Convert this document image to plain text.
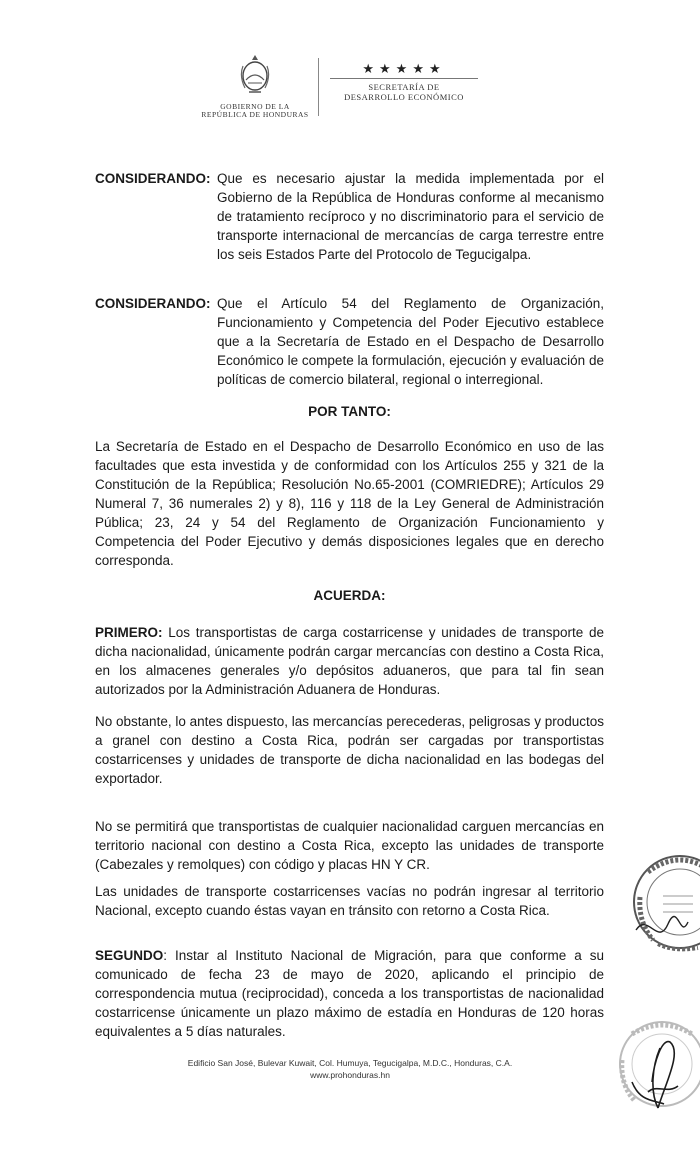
GOBIERNO DE LA
REPÚBLICA DE HONDURAS
★★★★★
SECRETARÍA DE
DESARROLLO ECONÓMICO
CONSIDERANDO: Que es necesario ajustar la medida implementada por el Gobierno de la República de Honduras conforme al mecanismo de tratamiento recíproco y no discriminatorio para el servicio de transporte internacional de mercancías de carga terrestre entre los seis Estados Parte del Protocolo de Tegucigalpa.
CONSIDERANDO: Que el Artículo 54 del Reglamento de Organización, Funcionamiento y Competencia del Poder Ejecutivo establece que a la Secretaría de Estado en el Despacho de Desarrollo Económico le compete la formulación, ejecución y evaluación de políticas de comercio bilateral, regional o interregional.
POR TANTO:
La Secretaría de Estado en el Despacho de Desarrollo Económico en uso de las facultades que esta investida y de conformidad con los Artículos 255 y 321 de la Constitución de la República; Resolución No.65-2001 (COMRIEDRE); Artículos 29 Numeral 7, 36 numerales 2) y 8), 116 y 118 de la Ley General de Administración Pública; 23, 24 y 54 del Reglamento de Organización Funcionamiento y Competencia del Poder Ejecutivo y demás disposiciones legales que en derecho corresponda.
ACUERDA:
PRIMERO: Los transportistas de carga costarricense y unidades de transporte de dicha nacionalidad, únicamente podrán cargar mercancías con destino a Costa Rica, en los almacenes generales y/o depósitos aduaneros, que para tal fin sean autorizados por la Administración Aduanera de Honduras.
No obstante, lo antes dispuesto, las mercancías perecederas, peligrosas y productos a granel con destino a Costa Rica, podrán ser cargadas por transportistas costarricenses y unidades de transporte de dicha nacionalidad en las bodegas del exportador.
No se permitirá que transportistas de cualquier nacionalidad carguen mercancías en territorio nacional con destino a Costa Rica, excepto las unidades de transporte (Cabezales y remolques) con código y placas HN Y CR.
Las unidades de transporte costarricenses vacías no podrán ingresar al territorio Nacional, excepto cuando éstas vayan en tránsito con retorno a Costa Rica.
SEGUNDO: Instar al Instituto Nacional de Migración, para que conforme a su comunicado de fecha 23 de mayo de 2020, aplicando el principio de correspondencia mutua (reciprocidad), conceda a los transportistas de nacionalidad costarricense únicamente un plazo máximo de estadía en Honduras de 120 horas equivalentes a 5 días naturales.
Edificio San José, Bulevar Kuwait, Col. Humuya, Tegucigalpa, M.D.C., Honduras, C.A.
www.prohonduras.hn
